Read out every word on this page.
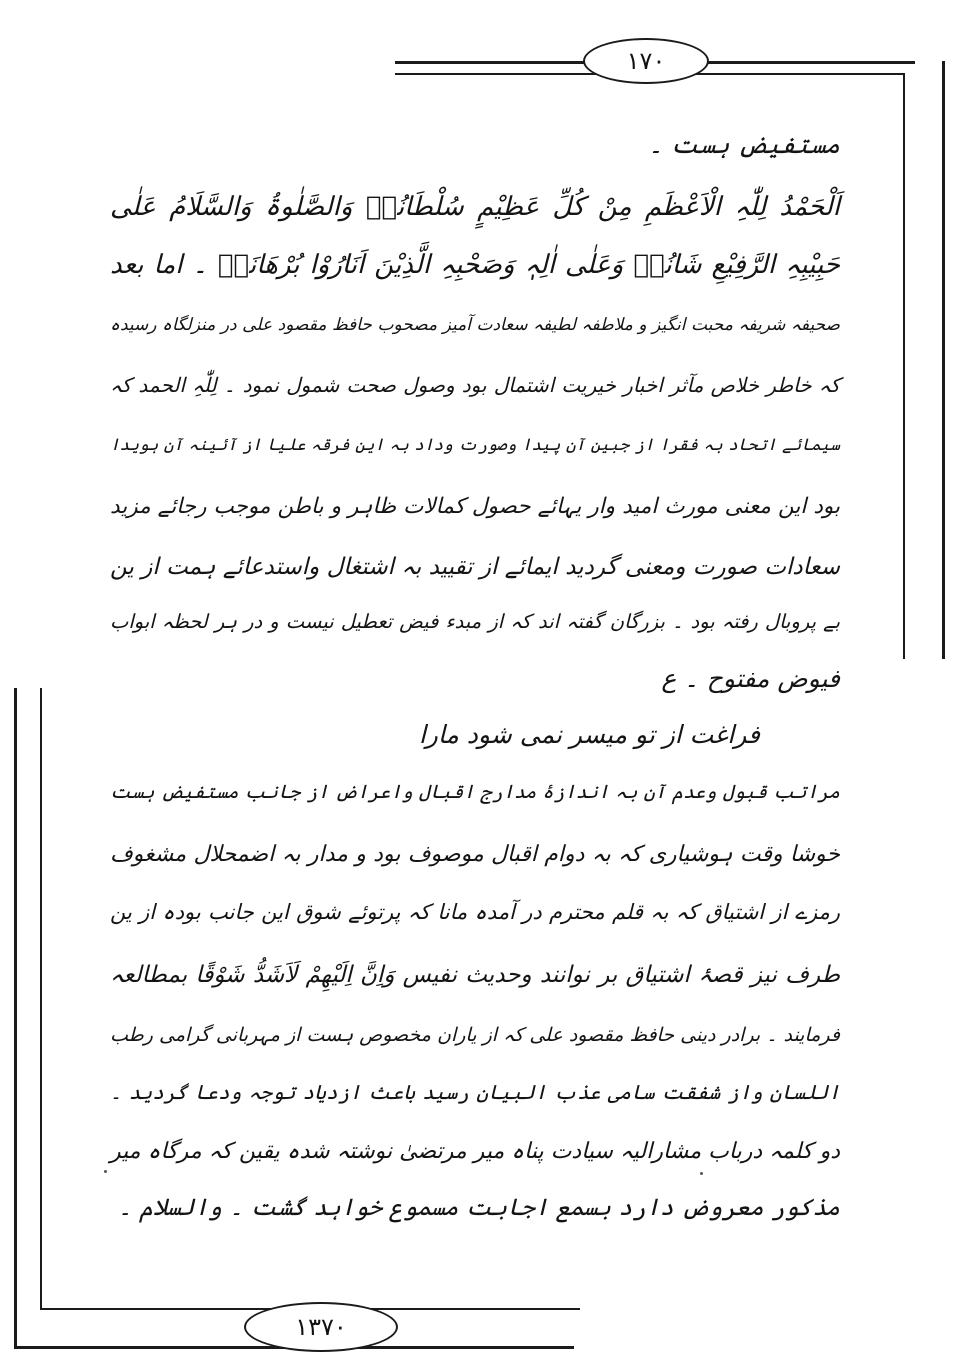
۱۷۰
۱۳۷۰
مستفیض ہست ۔
اَلْحَمْدُ لِلّٰہِ الْاَعْظَمِ مِنْ کُلِّ عَظِیْمٍ سُلْطَانُہٗ وَالصَّلٰوۃُ وَالسَّلَامُ عَلٰی
حَبِیْبِہِ الرَّفِیْعِ شَانُہٗ وَعَلٰی اٰلِہٖ وَصَحْبِہِ الَّذِیْنَ اَنَارُوْا بُرْھَانَہٗ ۔ اما بعد
صحیفہ شریفہ محبت انگیز و ملاطفہ لطیفہ سعادت آمیز مصحوب حافظ مقصود علی در منزلگاہ رسیدہ
کہ خاطر خلاص مآثر اخبار خیریت اشتمال بود وصول صحت شمول نمود ۔ لِلّٰہِ الحمد کہ
سیمائے اتحاد بہ فقرا از جبین آن پیدا وصورت وداد بہ این فرقہ علیا از آئینہ آن ہویدا
بود این معنی مورث امید وار یہائے حصول کمالات ظاہر و باطن موجب رجائے مزید
سعادات صورت ومعنی گردید ایمائے از تقیید بہ اشتغال واستدعائے ہمت از ین
بے پروبال رفتہ بود ۔ بزرگان گفتہ اند کہ از مبدء فیض تعطیل نیست و در ہر لحظہ ابواب
فیوض مفتوح ۔ ع
فراغت از تو میسر نمی شود مارا
مراتب قبول وعدم آن بہ اندازۂ مدارج اقبال واعراض از جانب مستفیض ہست
خوشا وقت ہوشیاری کہ بہ دوام اقبال موصوف بود و مدار بہ اضمحلال مشغوف
رمزے از اشتیاق کہ بہ قلم محترم در آمدہ مانا کہ پرتوئے شوق این جانب بودہ از ین
طرف نیز قصۂ اشتیاق بر نوانند وحدیث نفیس وَاِنَّ اِلَیْھِمْ لَاَشَدُّ شَوْقًا بمطالعہ
فرمایند ۔ برادر دینی حافظ مقصود علی کہ از یاران مخصوص ہست از مہربانی گرامی رطب
اللسان واز شفقت سامی عذب البیان رسید باعث ازدیاد توجہ ودعا گردید ۔
دو کلمہ درباب مشارالیہ سیادت پناہ میر مرتضیٰ نوشتہ شدہ یقین کہ مرگاہ میر
مذکور معروض دارد بسمع اجابت مسموع خواہد گشت ۔ والسلام ۔
